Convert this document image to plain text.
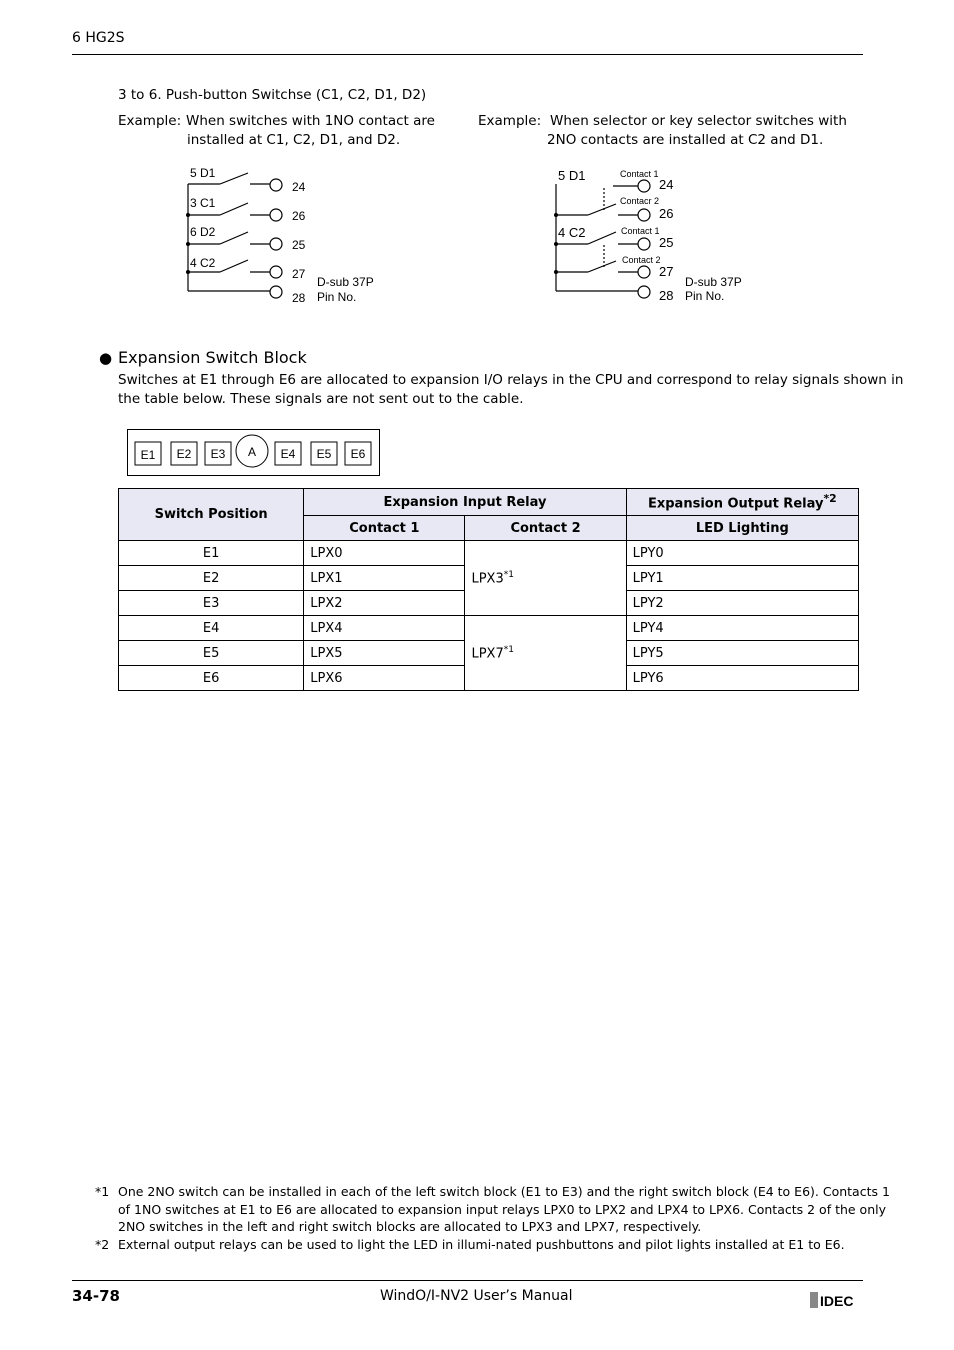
6 HG2S
3 to 6. Push-button Switchse (C1, C2, D1, D2)
Example: When switches with 1NO contact are
installed at C1, C2, D1, and D2.
Example: When selector or key selector switches with
2NO contacts are installed at C2 and D1.
5 D1
3 C1
6 D2
4 C2
24
26
25
27
28
D-sub 37P
Pin No.
5 D1
4 C2
Contact 1
Contacr 2
Contact 1
Contact 2
24
26
25
27
28
D-sub 37P
Pin No.
● Expansion Switch Block
Switches at E1 through E6 are allocated to expansion I/O relays in the CPU and correspond to relay signals shown in
the table below. These signals are not sent out to the cable.
E1 E2 E3 A E4 E5 E6
Switch Position	Expansion Input Relay		Expansion Output Relay$^{*2}$
	Contact 1	Contact 2	LED Lighting
E1	LPX0	LPX3$^{*1}$	LPY0
E2	LPX1		LPY1
E3	LPX2		LPY2
E4	LPX4	LPX7$^{*1}$	LPY4
E5	LPX5		LPY5
E6	LPX6		LPY6
*1 One 2NO switch can be installed in each of the left switch block (E1 to E3) and the right switch block (E4 to E6). Contacts 1
of 1NO switches at E1 to E6 are allocated to expansion input relays LPX0 to LPX2 and LPX4 to LPX6. Contacts 2 of the only
2NO switches in the left and right switch blocks are allocated to LPX3 and LPX7, respectively.
*2 External output relays can be used to light the LED in illumi-nated pushbuttons and pilot lights installed at E1 to E6.
34-78	WindO/I-NV2 User’s Manual	IDEC
